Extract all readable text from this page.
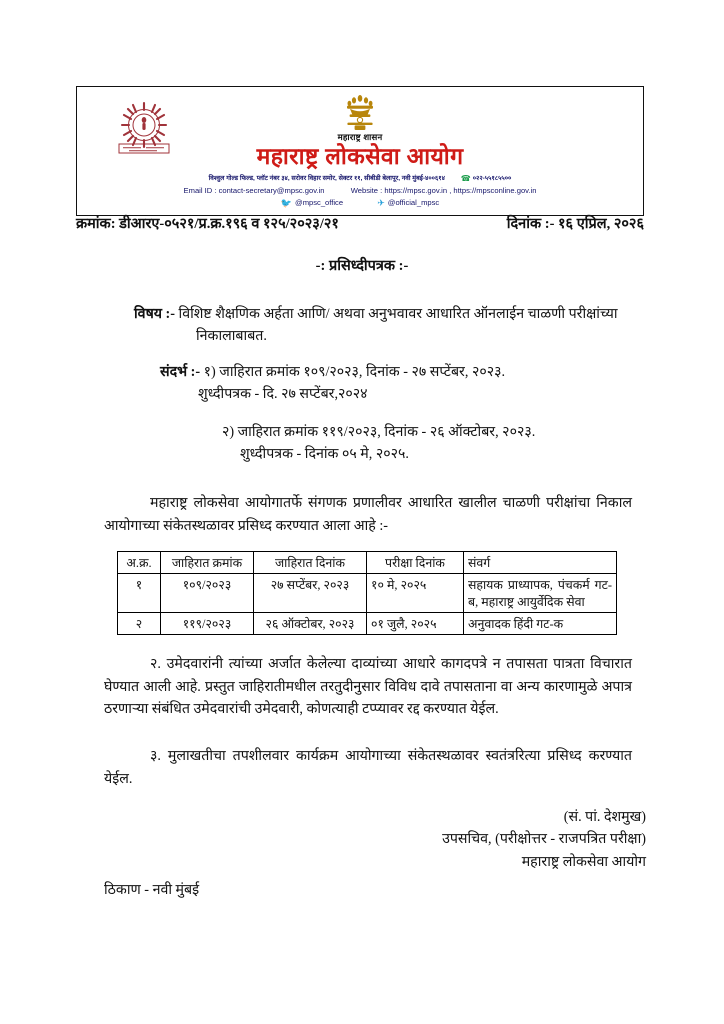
महाराष्ट्र शासन
महाराष्ट्र लोकसेवा आयोग
विश्वुल गोल्ड फिल्ड, प्लॉट नंबर ३४, सरोवर विहार समोर, सेक्टर ११, सीबीडी बेलापूर, नवी मुंबई-४००६१४ ☎ ०२२-५५१८५५००
Email ID : contact-secretary@mpsc.gov.in	Website : https://mpsc.gov.in , https://mpsconline.gov.in
🐦 @mpsc_office	✈ @official_mpsc
क्रमांक: डीआरए-०५२१/प्र.क्र.१९६ व १२५/२०२३/२१	दिनांक :- १६ एप्रिल, २०२६
-: प्रसिध्दीपत्रक :-
विषय :- विशिष्ट शैक्षणिक अर्हता आणि/ अथवा अनुभवावर आधारित ऑनलाईन चाळणी परीक्षांच्या
निकालाबाबत.
संदर्भ :- १) जाहिरात क्रमांक १०९/२०२३, दिनांक - २७ सप्टेंबर, २०२३.
शुध्दीपत्रक - दि. २७ सप्टेंबर,२०२४
२) जाहिरात क्रमांक ११९/२०२३, दिनांक - २६ ऑक्टोबर, २०२३.
शुध्दीपत्रक - दिनांक ०५ मे, २०२५.
महाराष्ट्र लोकसेवा आयोगातर्फे संगणक प्रणालीवर आधारित खालील चाळणी परीक्षांचा निकाल आयोगाच्या संकेतस्थळावर प्रसिध्द करण्यात आला आहे :-
अ.क्र.	जाहिरात क्रमांक	जाहिरात दिनांक	परीक्षा दिनांक	संवर्ग
१	१०९/२०२३	२७ सप्टेंबर, २०२३	१० मे, २०२५	सहायक प्राध्यापक, पंचकर्म गट-ब, महाराष्ट्र आयुर्वेदिक सेवा
२	११९/२०२३	२६ ऑक्टोबर, २०२३	०१ जुलै, २०२५	अनुवादक हिंदी गट-क
२. उमेदवारांनी त्यांच्या अर्जात केलेल्या दाव्यांच्या आधारे कागदपत्रे न तपासता पात्रता विचारात घेण्यात आली आहे. प्रस्तुत जाहिरातीमधील तरतुदीनुसार विविध दावे तपासताना वा अन्य कारणामुळे अपात्र ठरणाऱ्या संबंधित उमेदवारांची उमेदवारी, कोणत्याही टप्प्यावर रद्द करण्यात येईल.
३. मुलाखतीचा तपशीलवार कार्यक्रम आयोगाच्या संकेतस्थळावर स्वतंत्ररित्या प्रसिध्द करण्यात येईल.
(सं. पां. देशमुख)
उपसचिव, (परीक्षोत्तर - राजपत्रित परीक्षा)
महाराष्ट्र लोकसेवा आयोग
ठिकाण - नवी मुंबई
